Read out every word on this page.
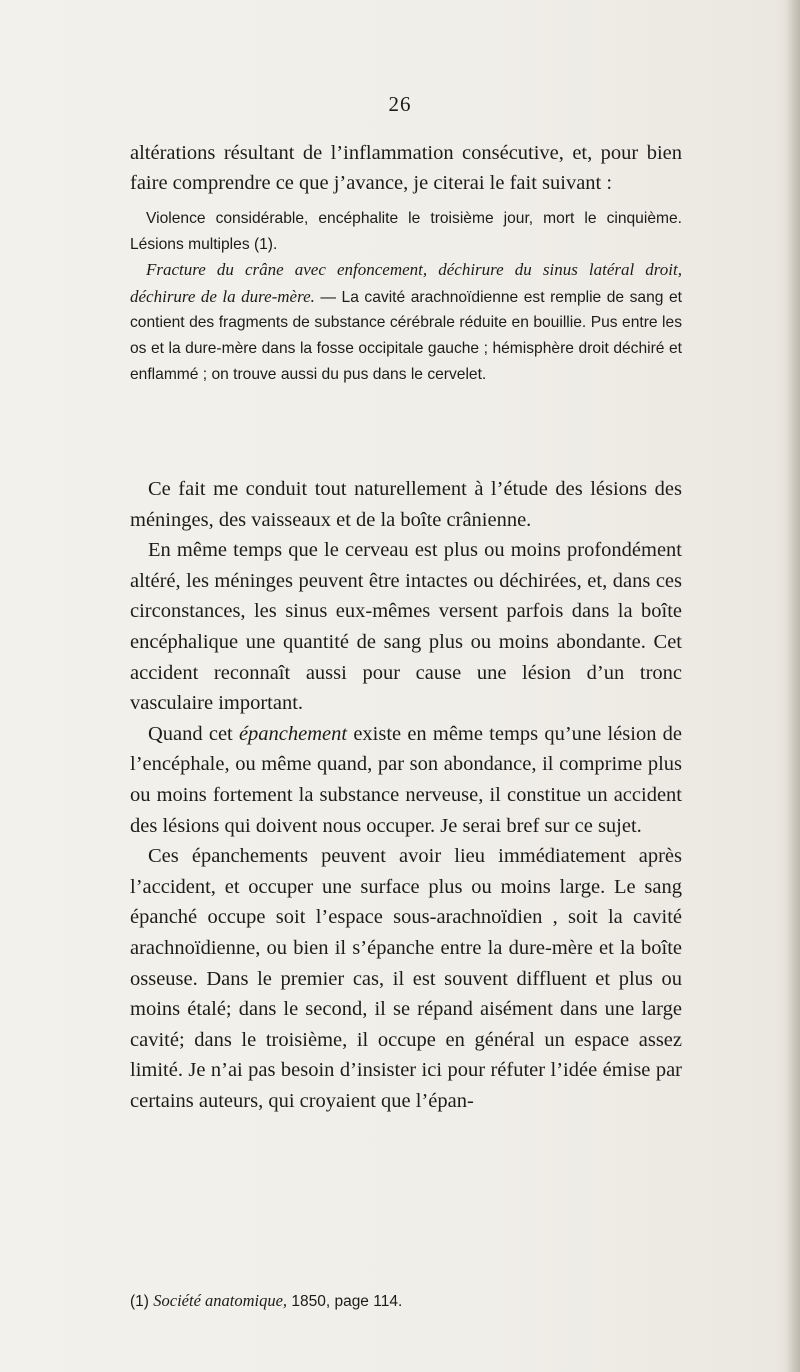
26

altérations résultant de l’inflammation consécutive, et, pour bien faire comprendre ce que j’avance, je citerai le fait suivant :

Violence considérable, encéphalite le troisième jour, mort le cinquième. Lésions multiples (1).

Fracture du crâne avec enfoncement, déchirure du sinus latéral droit, déchirure de la dure-mère. — La cavité arachnoïdienne est remplie de sang et contient des fragments de substance cérébrale réduite en bouillie. Pus entre les os et la dure-mère dans la fosse occipitale gauche ; hémisphère droit déchiré et enflammé ; on trouve aussi du pus dans le cervelet.

Ce fait me conduit tout naturellement à l’étude des lésions des méninges, des vaisseaux et de la boîte crânienne.

En même temps que le cerveau est plus ou moins profondément altéré, les méninges peuvent être intactes ou déchirées, et, dans ces circonstances, les sinus eux-mêmes versent parfois dans la boîte encéphalique une quantité de sang plus ou moins abondante. Cet accident reconnaît aussi pour cause une lésion d’un tronc vasculaire important.

Quand cet épanchement existe en même temps qu’une lésion de l’encéphale, ou même quand, par son abondance, il comprime plus ou moins fortement la substance nerveuse, il constitue un accident des lésions qui doivent nous occuper. Je serai bref sur ce sujet.

Ces épanchements peuvent avoir lieu immédiatement après l’accident, et occuper une surface plus ou moins large. Le sang épanché occupe soit l’espace sous-arachnoïdien , soit la cavité arachnoïdienne, ou bien il s’épanche entre la dure-mère et la boîte osseuse. Dans le premier cas, il est souvent diffluent et plus ou moins étalé; dans le second, il se répand aisément dans une large cavité; dans le troisième, il occupe en général un espace assez limité. Je n’ai pas besoin d’insister ici pour réfuter l’idée émise par certains auteurs, qui croyaient que l’épan-

(1) Société anatomique, 1850, page 114.
